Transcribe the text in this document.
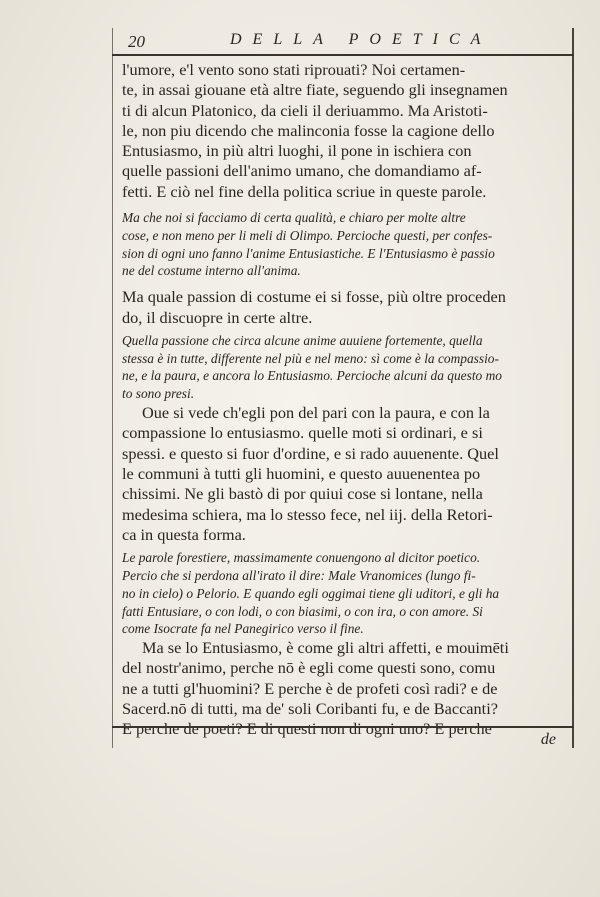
20	DELLA POETICA
l'umore, e'l vento sono stati riprouati? Noi certamen-
te, in assai giouane età altre fiate, seguendo gli insegnamen
ti di alcun Platonico, da cieli il deriuammo. Ma Aristoti-
le, non piu dicendo che malinconia fosse la cagione dello
Entusiasmo, in più altri luoghi, il pone in ischiera con
quelle passioni dell'animo umano, che domandiamo af-
fetti. E ciò nel fine della politica scriue in queste parole.
Ma che noi si facciamo di certa qualità, e chiaro per molte altre
cose, e non meno per li meli di Olimpo. Percioche questi, per confes-
sion di ogni uno fanno l'anime Entusiastiche. E l'Entusiasmo è passio
ne del costume interno all'anima.
Ma quale passion di costume ei si fosse, più oltre proceden
do, il discuopre in certe altre.
Quella passione che circa alcune anime auuiene fortemente, quella
stessa è in tutte, differente nel più e nel meno: sì come è la compassio-
ne, e la paura, e ancora lo Entusiasmo. Percioche alcuni da questo mo
to sono presi.
Oue si vede ch'egli pon del pari con la paura, e con la
compassione lo entusiasmo. quelle moti si ordinari, e si
spessi. e questo si fuor d'ordine, e si rado auuenente. Quel
le communi à tutti gli huomini, e questo auuenentea po
chissimi. Ne gli bastò di por quiui cose si lontane, nella
medesima schiera, ma lo stesso fece, nel iij. della Retori-
ca in questa forma.
Le parole forestiere, massimamente conuengono al dicitor poetico.
Percio che si perdona all'irato il dire: Male Vranomices (lungo fi-
no in cielo) o Pelorio. E quando egli oggimai tiene gli uditori, e gli ha
fatti Entusiare, o con lodi, o con biasimi, o con ira, o con amore. Si
come Isocrate fa nel Panegirico verso il fine.
Ma se lo Entusiasmo, è come gli altri affetti, e mouimēti
del nostr'animo, perche nō è egli come questi sono, comu
ne a tutti gl'huomini? E perche è de profeti così radi? e de
Sacerd.nō di tutti, ma de' soli Coribanti fu, e de Baccanti?
E perche de poeti? E di questi non di ogni uno? E perche
de
